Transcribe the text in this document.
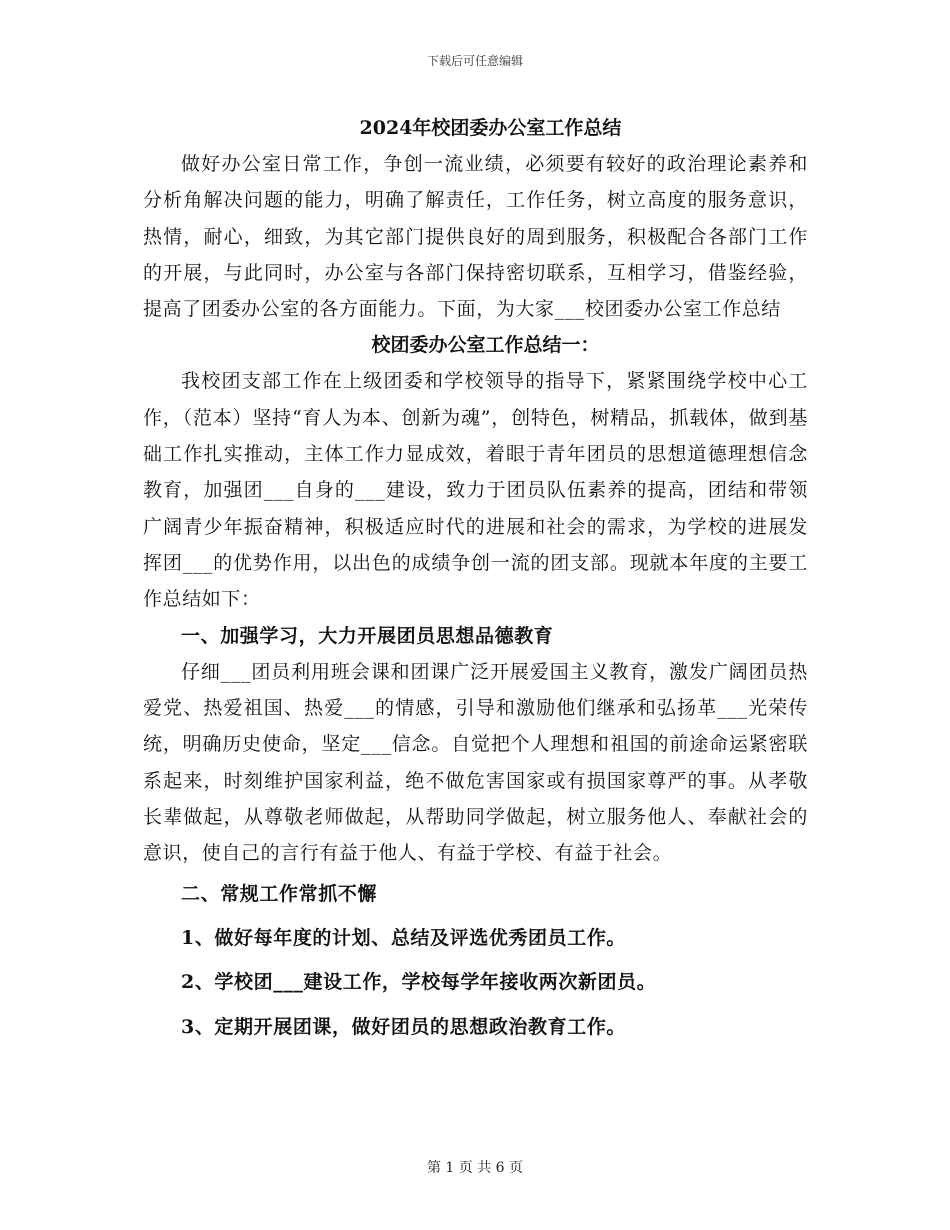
下载后可任意编辑
2024年校团委办公室工作总结

做好办公室日常工作，争创一流业绩，必须要有较好的政治理论素养和分析角解决问题的能力，明确了解责任，工作任务，树立高度的服务意识，热情，耐心，细致，为其它部门提供良好的周到服务，积极配合各部门工作的开展，与此同时，办公室与各部门保持密切联系，互相学习，借鉴经验，提高了团委办公室的各方面能力。下面，为大家___校团委办公室工作总结

校团委办公室工作总结一：

我校团支部工作在上级团委和学校领导的指导下，紧紧围绕学校中心工作，（范本）坚持“育人为本、创新为魂”，创特色，树精品，抓载体，做到基础工作扎实推动，主体工作力显成效，着眼于青年团员的思想道德理想信念教育，加强团___自身的___建设，致力于团员队伍素养的提高，团结和带领广阔青少年振奋精神，积极适应时代的进展和社会的需求，为学校的进展发挥团___的优势作用，以出色的成绩争创一流的团支部。现就本年度的主要工作总结如下：

一、加强学习，大力开展团员思想品德教育

仔细___团员利用班会课和团课广泛开展爱国主义教育，激发广阔团员热爱党、热爱祖国、热爱___的情感，引导和激励他们继承和弘扬革___光荣传统，明确历史使命，坚定___信念。自觉把个人理想和祖国的前途命运紧密联系起来，时刻维护国家利益，绝不做危害国家或有损国家尊严的事。从孝敬长辈做起，从尊敬老师做起，从帮助同学做起，树立服务他人、奉献社会的意识，使自己的言行有益于他人、有益于学校、有益于社会。

二、常规工作常抓不懈

1、做好每年度的计划、总结及评选优秀团员工作。

2、学校团___建设工作，学校每学年接收两次新团员。

3、定期开展团课，做好团员的思想政治教育工作。

第 1 页 共 6 页
